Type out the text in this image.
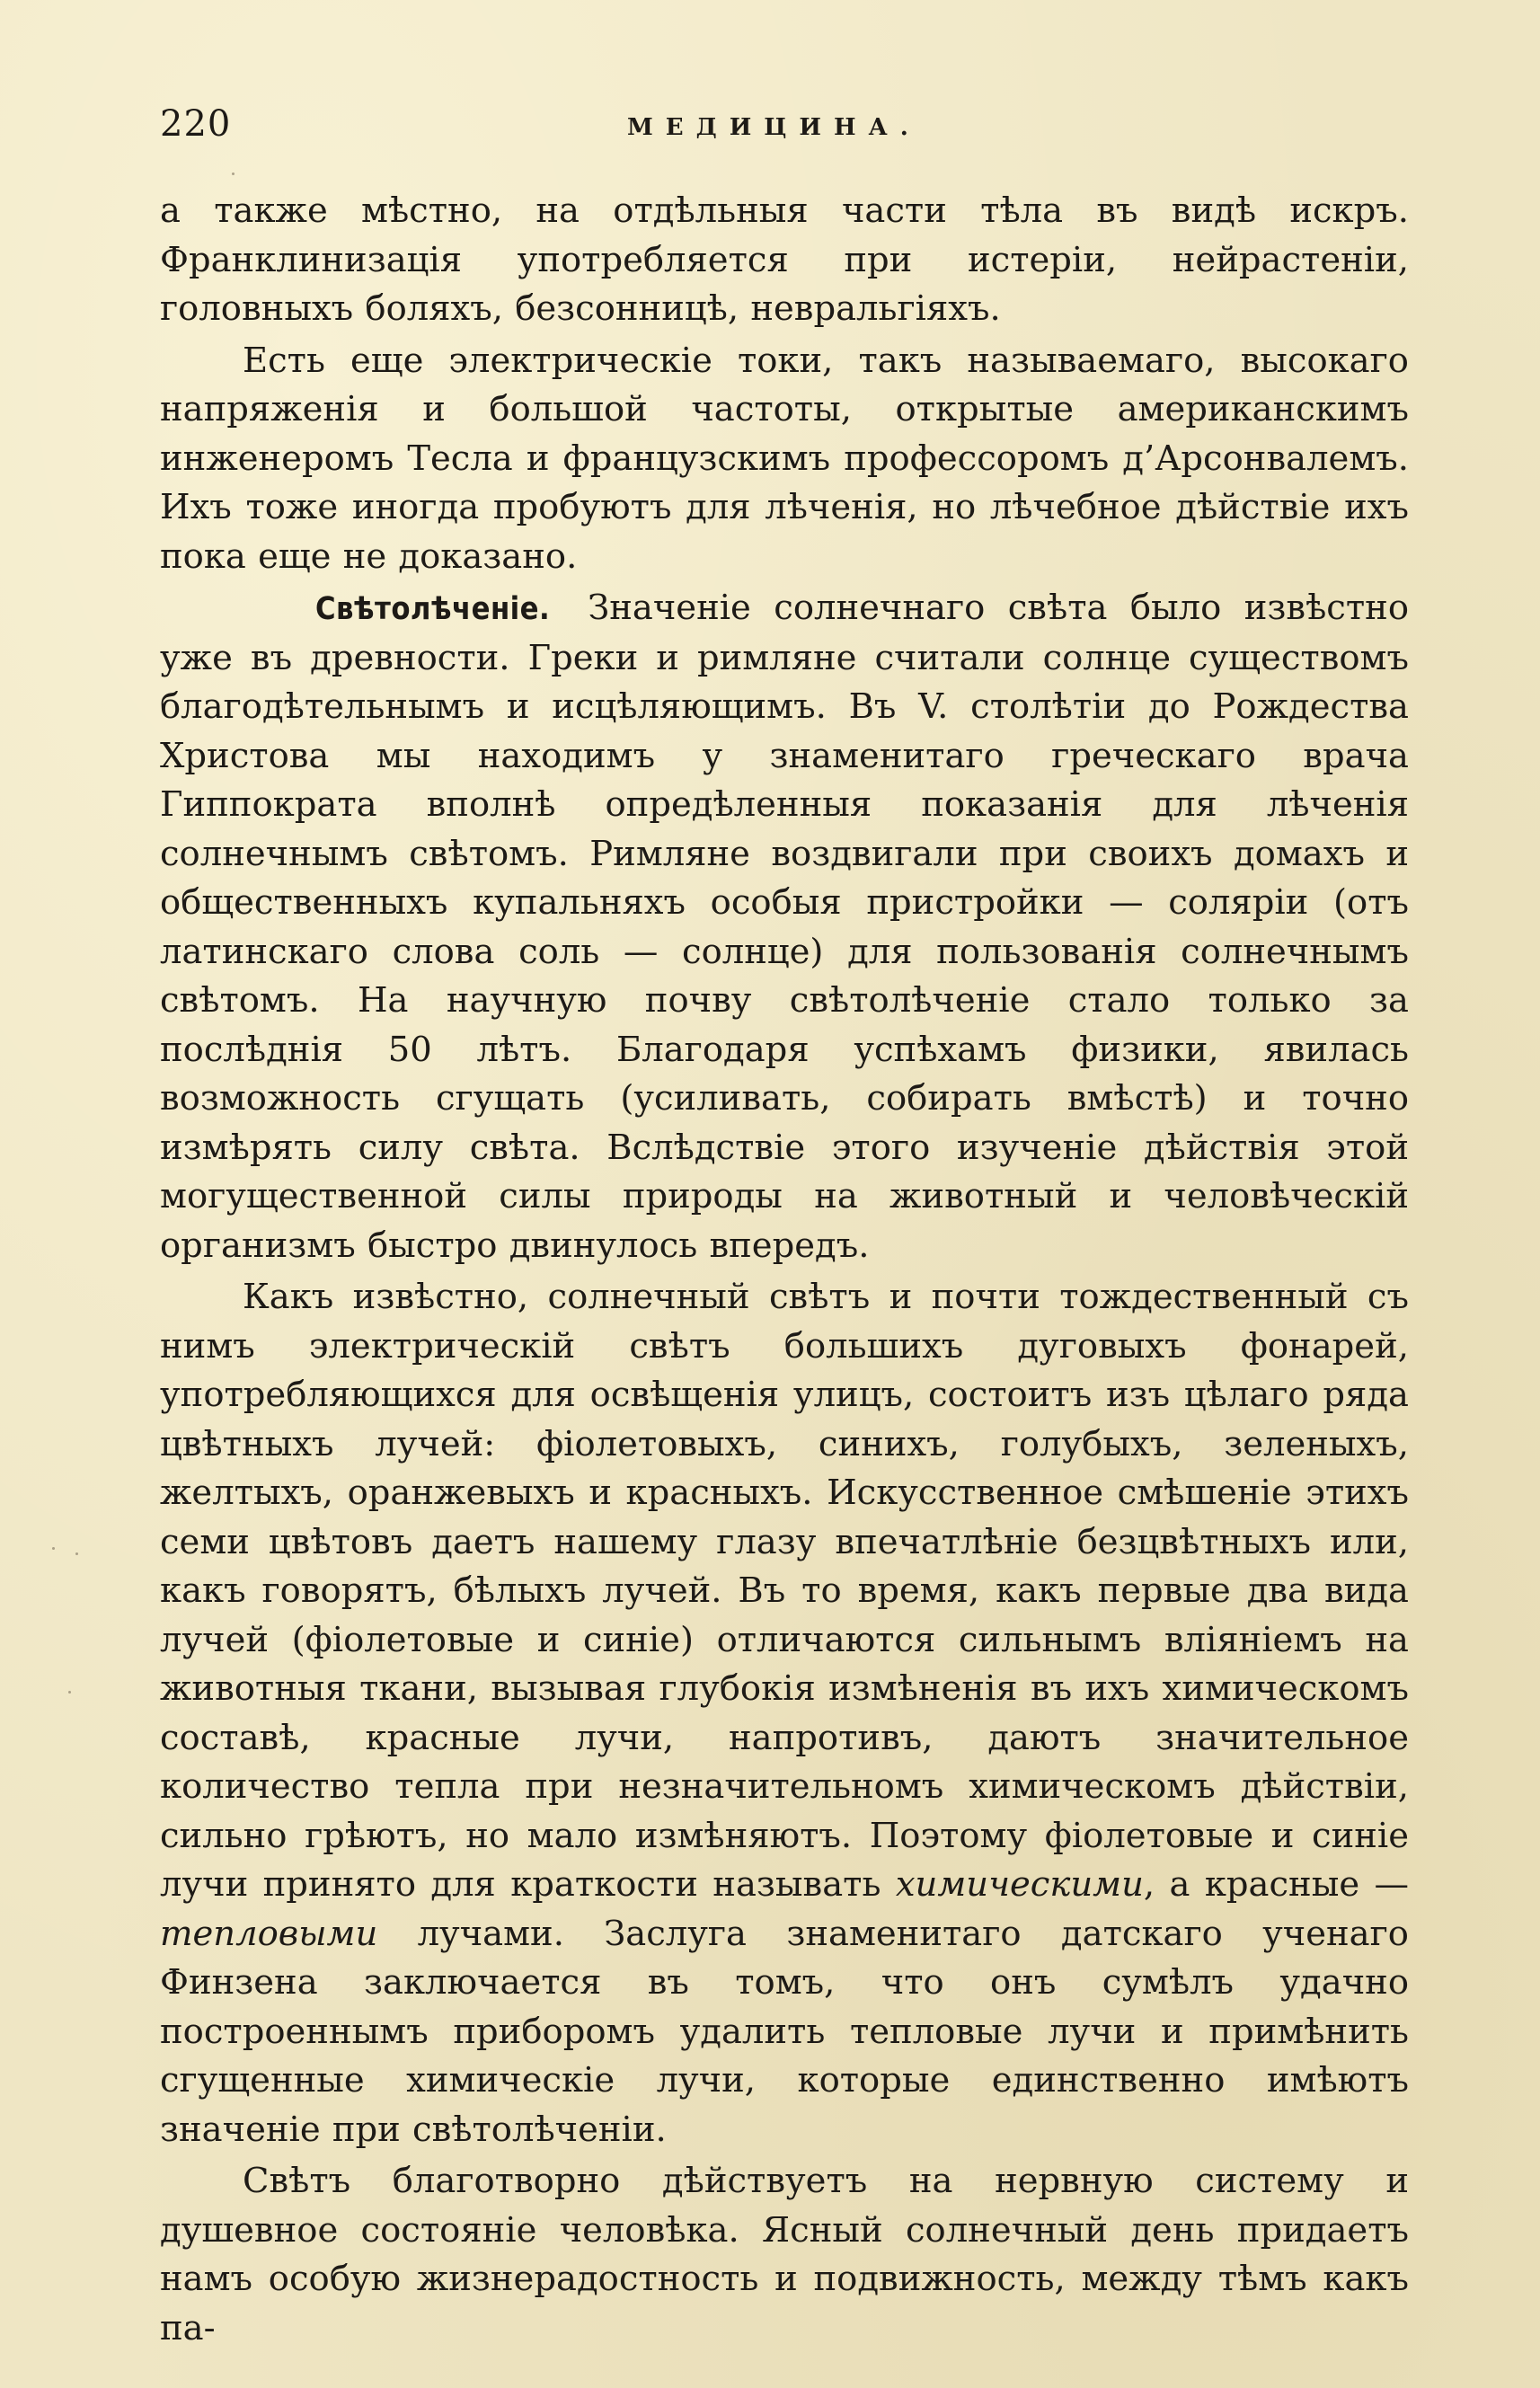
220	МЕДИЦИНА.

а также мѣстно, на отдѣльныя части тѣла въ видѣ искръ. Франклинизація употребляется при истеріи, нейрастеніи, головныхъ боляхъ, безсонницѣ, невральгіяхъ.

Есть еще электрическіе токи, такъ называемаго, высокаго напряженія и большой частоты, открытые американскимъ инженеромъ Тесла и французскимъ профессоромъ д’Арсонвалемъ. Ихъ тоже иногда пробуютъ для лѣченія, но лѣчебное дѣйствіе ихъ пока еще не доказано.

Свѣтолѣченіе. Значеніе солнечнаго свѣта было извѣстно уже въ древности. Греки и римляне считали солнце существомъ благодѣтельнымъ и исцѣляющимъ. Въ V. столѣтіи до Рождества Христова мы находимъ у знаменитаго греческаго врача Гиппократа вполнѣ опредѣленныя показанія для лѣченія солнечнымъ свѣтомъ. Римляне воздвигали при своихъ домахъ и общественныхъ купальняхъ особыя пристройки — соляріи (отъ латинскаго слова соль — солнце) для пользованія солнечнымъ свѣтомъ. На научную почву свѣтолѣченіе стало только за послѣднія 50 лѣтъ. Благодаря успѣхамъ физики, явилась возможность сгущать (усиливать, собирать вмѣстѣ) и точно измѣрять силу свѣта. Вслѣдствіе этого изученіе дѣйствія этой могущественной силы природы на животный и человѣческій организмъ быстро двинулось впередъ.

Какъ извѣстно, солнечный свѣтъ и почти тождественный съ нимъ электрическій свѣтъ большихъ дуговыхъ фонарей, употребляющихся для освѣщенія улицъ, состоитъ изъ цѣлаго ряда цвѣтныхъ лучей: фіолетовыхъ, синихъ, голубыхъ, зеленыхъ, желтыхъ, оранжевыхъ и красныхъ. Искусственное смѣшеніе этихъ семи цвѣтовъ даетъ нашему глазу впечатлѣніе безцвѣтныхъ или, какъ говорятъ, бѣлыхъ лучей. Въ то время, какъ первые два вида лучей (фіолетовые и синіе) отличаются сильнымъ вліяніемъ на животныя ткани, вызывая глубокія измѣненія въ ихъ химическомъ составѣ, красные лучи, напротивъ, даютъ значительное количество тепла при незначительномъ химическомъ дѣйствіи, сильно грѣютъ, но мало измѣняютъ. Поэтому фіолетовые и синіе лучи принято для краткости называть химическими, а красные —тепловыми лучами. Заслуга знаменитаго датскаго ученаго Финзена заключается въ томъ, что онъ сумѣлъ удачно построеннымъ приборомъ удалить тепловые лучи и примѣнить сгущенные химическіе лучи, которые единственно имѣютъ значеніе при свѣтолѣченіи.

Свѣтъ благотворно дѣйствуетъ на нервную систему и душевное состояніе человѣка. Ясный солнечный день придаетъ намъ особую жизнерадостность и подвижность, между тѣмъ какъ па-
